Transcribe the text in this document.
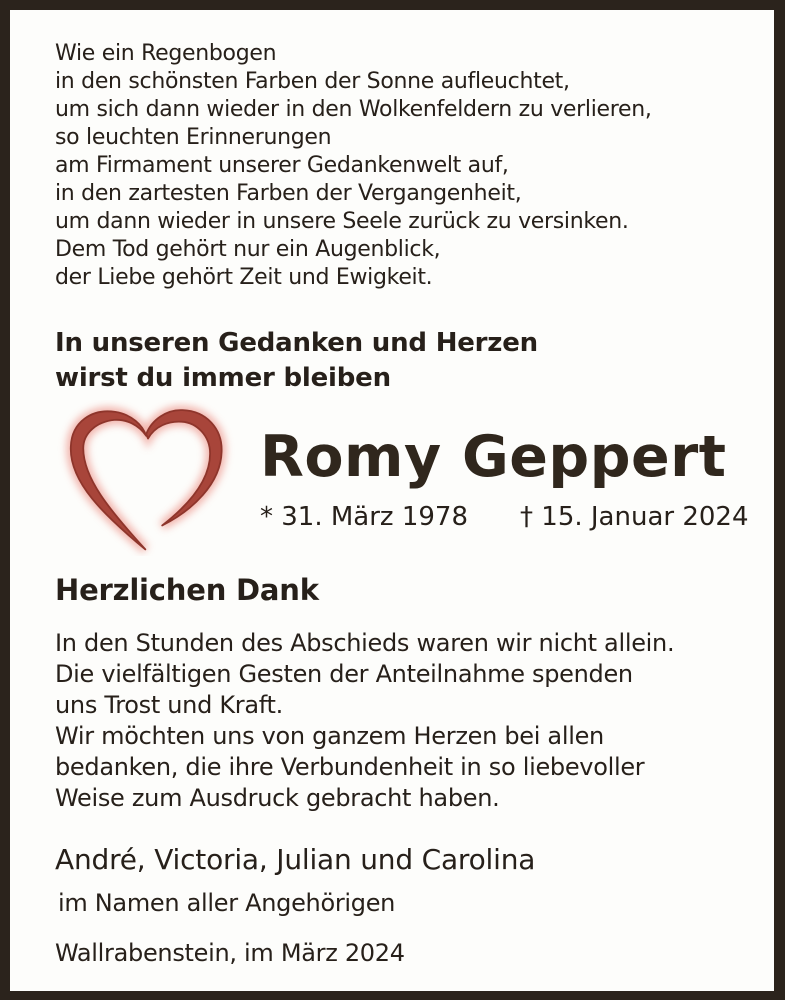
Wie ein Regenbogen
in den schönsten Farben der Sonne aufleuchtet,
um sich dann wieder in den Wolkenfeldern zu verlieren,
so leuchten Erinnerungen
am Firmament unserer Gedankenwelt auf,
in den zartesten Farben der Vergangenheit,
um dann wieder in unsere Seele zurück zu versinken.
Dem Tod gehört nur ein Augenblick,
der Liebe gehört Zeit und Ewigkeit.
In unseren Gedanken und Herzen
wirst du immer bleiben
Romy Geppert
* 31. März 1978 † 15. Januar 2024
Herzlichen Dank
In den Stunden des Abschieds waren wir nicht allein.
Die vielfältigen Gesten der Anteilnahme spenden
uns Trost und Kraft.
Wir möchten uns von ganzem Herzen bei allen
bedanken, die ihre Verbundenheit in so liebevoller
Weise zum Ausdruck gebracht haben.
André, Victoria, Julian und Carolina
im Namen aller Angehörigen
Wallrabenstein, im März 2024
